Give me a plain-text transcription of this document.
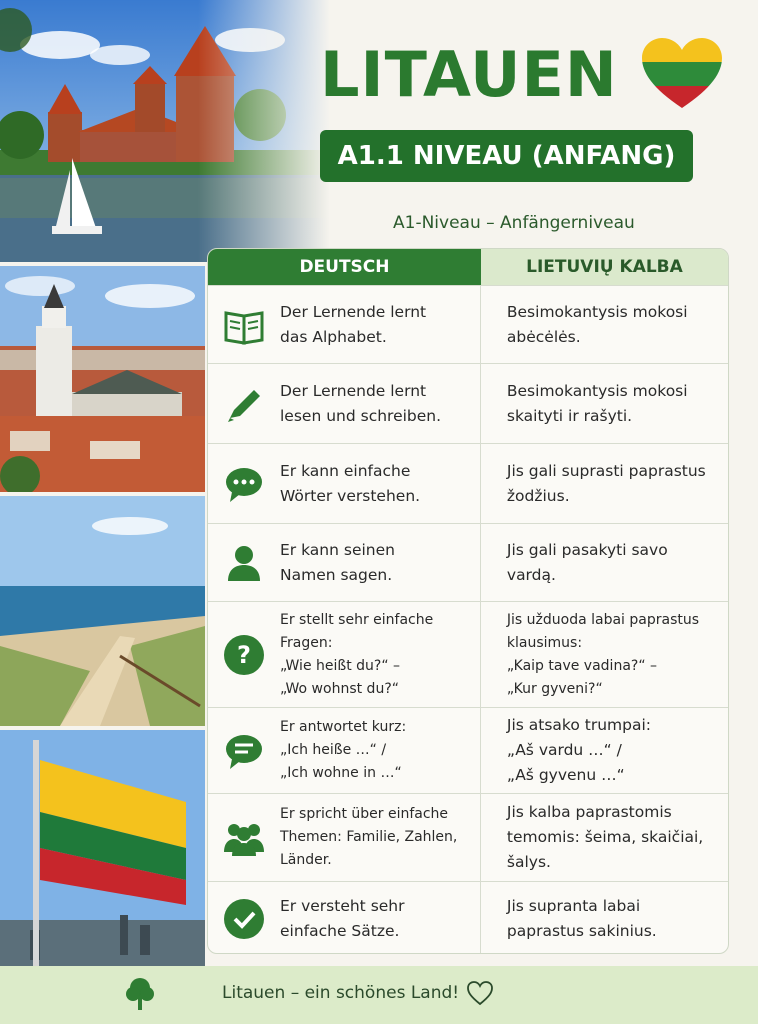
LITAUEN
A1.1 NIVEAU (ANFANG)
A1-Niveau – Anfängerniveau
DEUTSCH	LIETUVIŲ KALBA
Der Lernende lernt
das Alphabet.
Besimokantysis mokosi
abėcėlės.
Der Lernende lernt
lesen und schreiben.
Besimokantysis mokosi
skaityti ir rašyti.
Er kann einfache
Wörter verstehen.
Jis gali suprasti paprastus
žodžius.
Er kann seinen
Namen sagen.
Jis gali pasakyti savo
vardą.
?
Er stellt sehr einfache Fragen:
„Wie heißt du?“ –
„Wo wohnst du?“
Jis užduoda labai paprastus
klausimus:
„Kaip tave vadina?“ –
„Kur gyveni?“
Er antwortet kurz:
„Ich heiße …“ /
„Ich wohne in …“
Jis atsako trumpai:
„Aš vardu …“ /
„Aš gyvenu …“
Er spricht über einfache
Themen: Familie, Zahlen,
Länder.
Jis kalba paprastomis
temomis: šeima, skaičiai,
šalys.
Er versteht sehr
einfache Sätze.
Jis supranta labai
paprastus sakinius.
Litauen – ein schönes Land!
